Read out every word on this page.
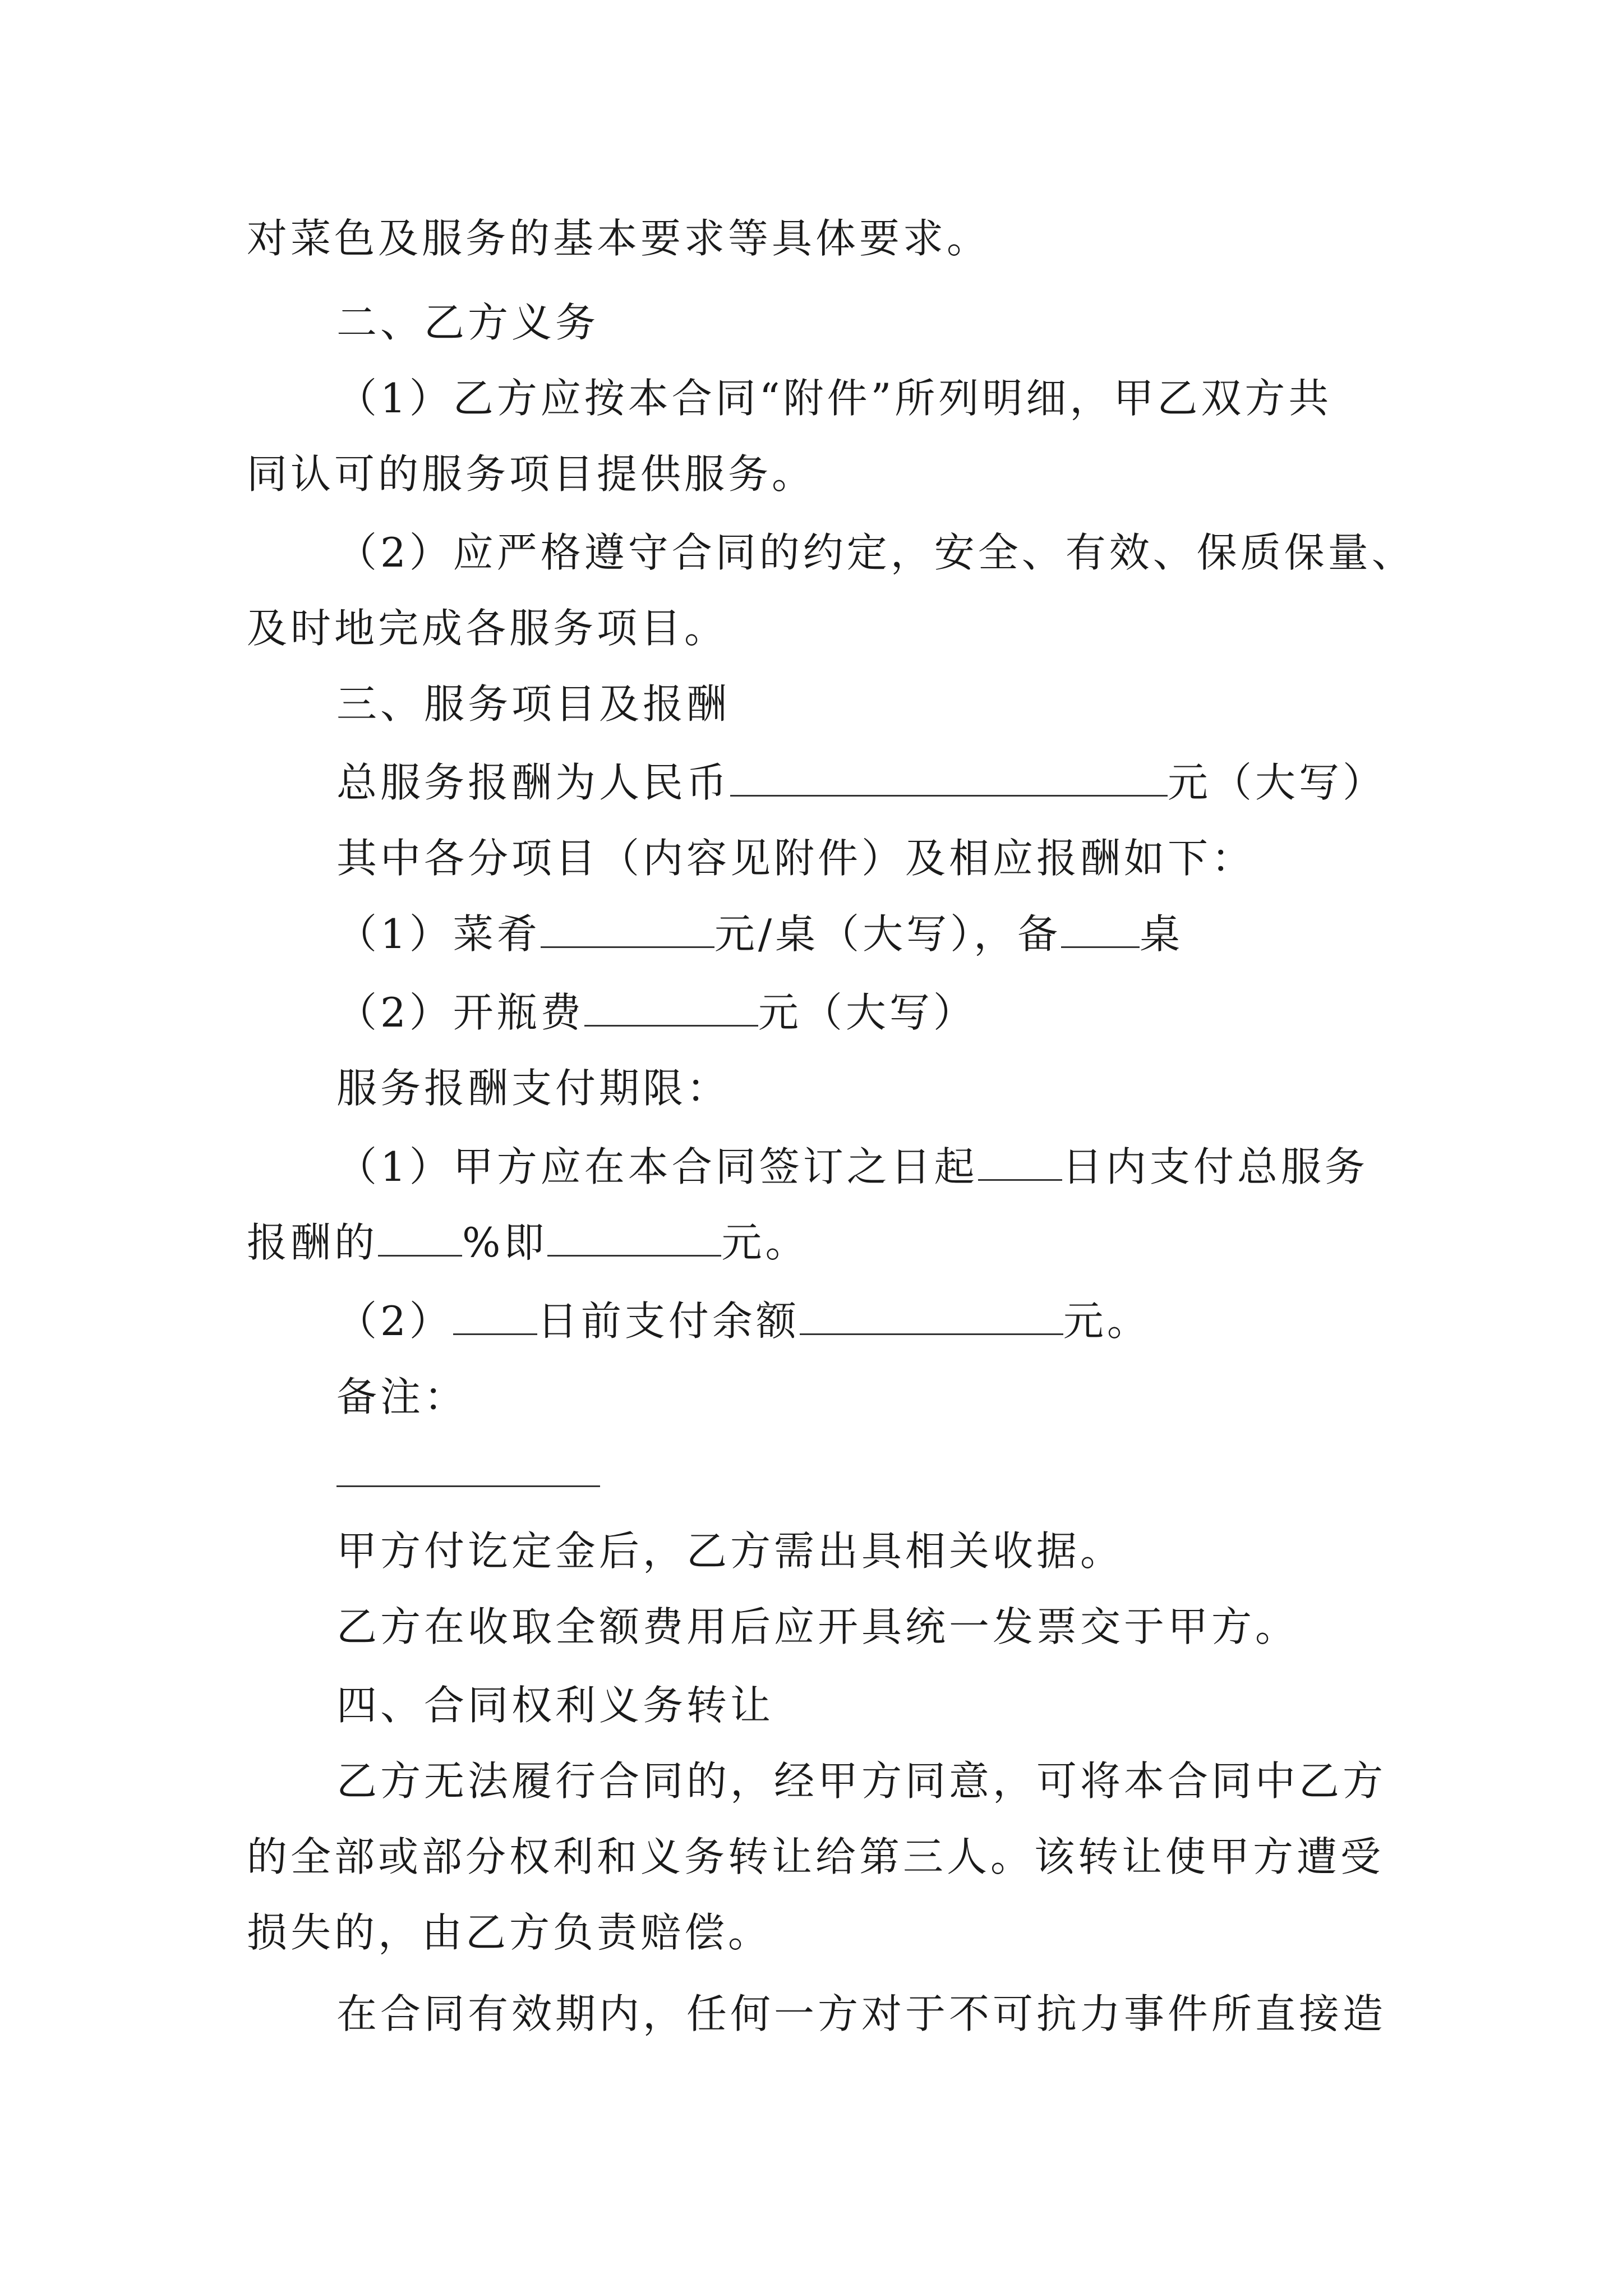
对菜色及服务的基本要求等具体要求。
二、乙方义务
（1）乙方应按本合同“附件”所列明细，甲乙双方共
同认可的服务项目提供服务。
（2）应严格遵守合同的约定，安全、有效、保质保量、
及时地完成各服务项目。
三、服务项目及报酬
总服务报酬为人民币	元（大写）
其中各分项目（内容见附件）及相应报酬如下：
（1）菜肴	元/桌（大写），备 桌
（2）开瓶费	元（大写）
服务报酬支付期限：
（1）甲方应在本合同签订之日起 日内支付总服务
报酬的 %即	元。
（2） 日前支付余额	元。
备注：
甲方付讫定金后，乙方需出具相关收据。
乙方在收取全额费用后应开具统一发票交于甲方。
四、合同权利义务转让
乙方无法履行合同的，经甲方同意，可将本合同中乙方
的全部或部分权利和义务转让给第三人。该转让使甲方遭受
损失的，由乙方负责赔偿。
在合同有效期内，任何一方对于不可抗力事件所直接造
